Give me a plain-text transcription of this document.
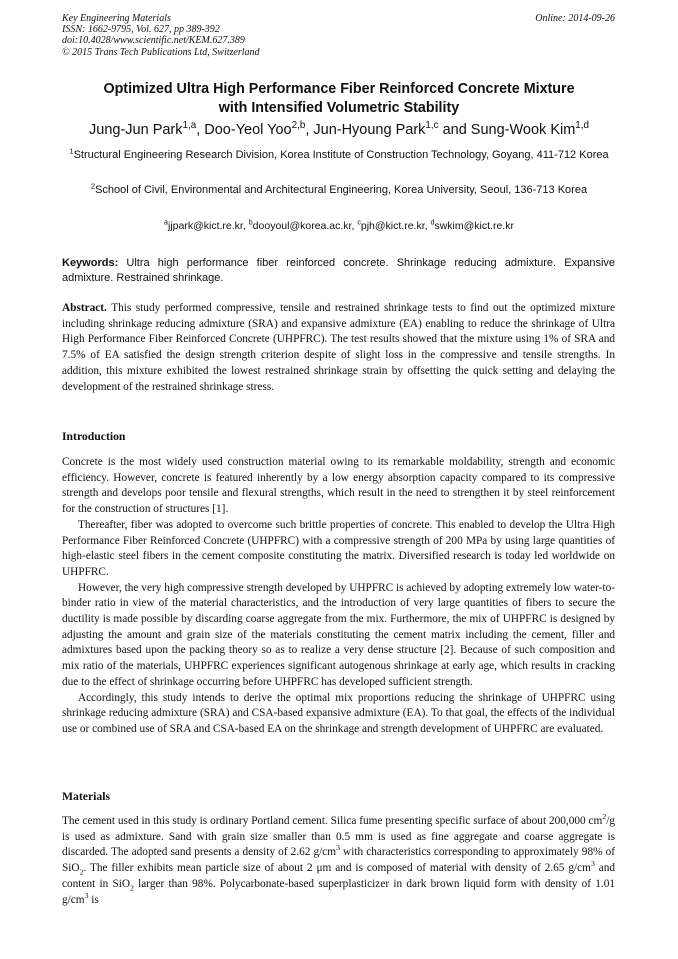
Key Engineering Materials
ISSN: 1662-9795, Vol. 627, pp 389-392
doi:10.4028/www.scientific.net/KEM.627.389
© 2015 Trans Tech Publications Ltd, Switzerland
Online: 2014-09-26
Optimized Ultra High Performance Fiber Reinforced Concrete Mixture
with Intensified Volumetric Stability
Jung-Jun Park$^{1,a}$, Doo-Yeol Yoo$^{2,b}$, Jun-Hyoung Park$^{1,c}$ and Sung-Wook Kim$^{1,d}$
$^1$Structural Engineering Research Division, Korea Institute of Construction Technology, Goyang, 411-712 Korea
$^2$School of Civil, Environmental and Architectural Engineering, Korea University, Seoul, 136-713 Korea
$^a$jjpark@kict.re.kr, $^b$dooyoul@korea.ac.kr, $^c$pjh@kict.re.kr, $^d$swkim@kict.re.kr
Keywords: Ultra high performance fiber reinforced concrete. Shrinkage reducing admixture. Expansive admixture. Restrained shrinkage.
Abstract. This study performed compressive, tensile and restrained shrinkage tests to find out the optimized mixture including shrinkage reducing admixture (SRA) and expansive admixture (EA) enabling to reduce the shrinkage of Ultra High Performance Fiber Reinforced Concrete (UHPFRC). The test results showed that the mixture using 1% of SRA and 7.5% of EA satisfied the design strength criterion despite of slight loss in the compressive and tensile strengths. In addition, this mixture exhibited the lowest restrained shrinkage strain by offsetting the quick setting and delaying the development of the restrained shrinkage stress.
Introduction

Concrete is the most widely used construction material owing to its remarkable moldability, strength and economic efficiency. However, concrete is featured inherently by a low energy absorption capacity compared to its compressive strength and develops poor tensile and flexural strengths, which result in the need to strengthen it by steel reinforcement for the construction of structures [1].

Thereafter, fiber was adopted to overcome such brittle properties of concrete. This enabled to develop the Ultra High Performance Fiber Reinforced Concrete (UHPFRC) with a compressive strength of 200 MPa by using large quantities of high-elastic steel fibers in the cement composite constituting the matrix. Diversified research is today led worldwide on UHPFRC.

However, the very high compressive strength developed by UHPFRC is achieved by adopting extremely low water-to-binder ratio in view of the material characteristics, and the introduction of very large quantities of fibers to secure the ductility is made possible by discarding coarse aggregate from the mix. Furthermore, the mix of UHPFRC is designed by adjusting the amount and grain size of the materials constituting the cement matrix including the cement, filler and admixtures based upon the packing theory so as to realize a very dense structure [2]. Because of such composition and mix ratio of the materials, UHPFRC experiences significant autogenous shrinkage at early age, which results in cracking due to the effect of shrinkage occurring before UHPFRC has developed sufficient strength.

Accordingly, this study intends to derive the optimal mix proportions reducing the shrinkage of UHPFRC using shrinkage reducing admixture (SRA) and CSA-based expansive admixture (EA). To that goal, the effects of the individual use or combined use of SRA and CSA-based EA on the shrinkage and strength development of UHPFRC are evaluated.

Materials

The cement used in this study is ordinary Portland cement. Silica fume presenting specific surface of about 200,000 $cm^2/g$ is used as admixture. Sand with grain size smaller than 0.5 mm is used as fine aggregate and coarse aggregate is discarded. The adopted sand presents a density of 2.62 $g/cm^3$ with characteristics corresponding to approximately 98% of SiO$_2$. The filler exhibits mean particle size of about 2 μm and is composed of material with density of 2.65 $g/cm^3$ and content in SiO$_2$ larger than 98%. Polycarbonate-based superplasticizer in dark brown liquid form with density of 1.01 $g/cm^3$ is
